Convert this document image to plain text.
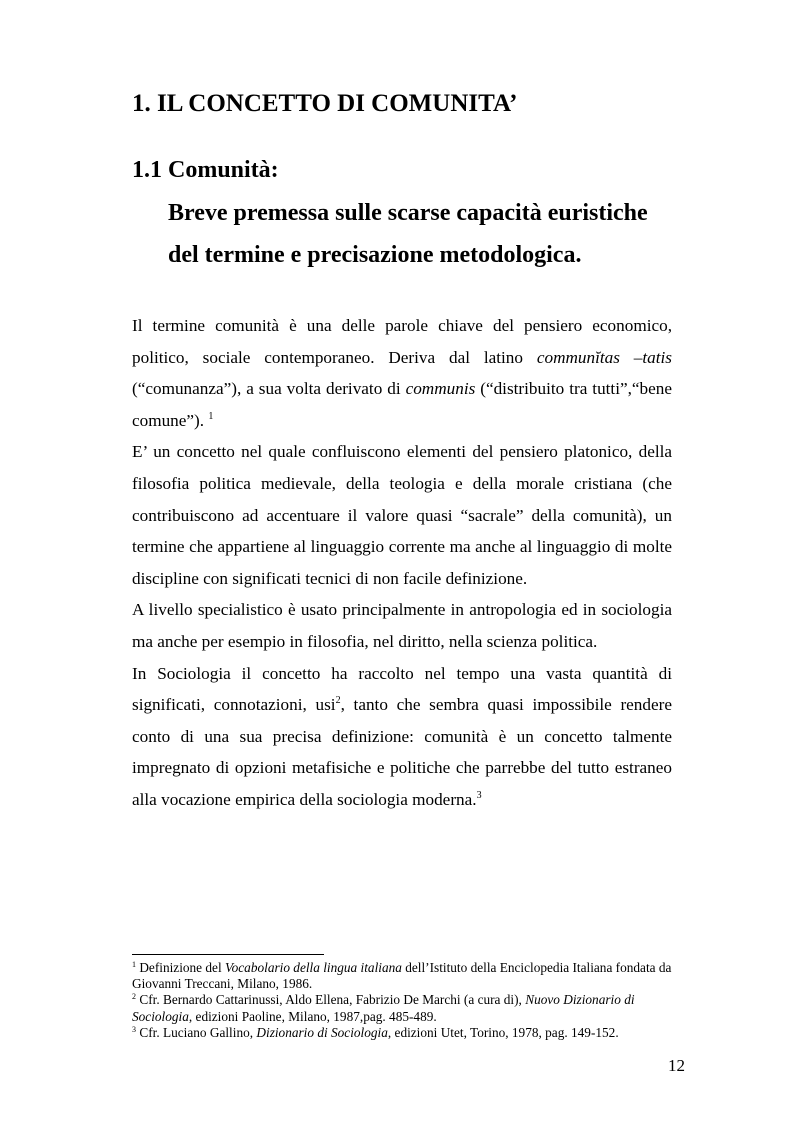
1. IL CONCETTO DI COMUNITA’
1.1 Comunità:
Breve premessa sulle scarse capacità euristiche
del termine e precisazione metodologica.

Il termine comunità è una delle parole chiave del pensiero economico, politico, sociale contemporaneo. Deriva dal latino communĭtas –tatis (“comunanza”), a sua volta derivato di communis (“distribuito tra tutti”,“bene comune”). $^1$

E’ un concetto nel quale confluiscono elementi del pensiero platonico, della filosofia politica medievale, della teologia e della morale cristiana (che contribuiscono ad accentuare il valore quasi “sacrale” della comunità), un termine che appartiene al linguaggio corrente ma anche al linguaggio di molte discipline con significati tecnici di non facile definizione.

A livello specialistico è usato principalmente in antropologia ed in sociologia ma anche per esempio in filosofia, nel diritto, nella scienza politica.

In Sociologia il concetto ha raccolto nel tempo una vasta quantità di significati, connotazioni, usi$^2$, tanto che sembra quasi impossibile rendere conto di una sua precisa definizione: comunità è un concetto talmente impregnato di opzioni metafisiche e politiche che parrebbe del tutto estraneo alla vocazione empirica della sociologia moderna.$^3$

$^1$ Definizione del Vocabolario della lingua italiana dell’Istituto della Enciclopedia Italiana fondata da Giovanni Treccani, Milano, 1986.

$^2$ Cfr. Bernardo Cattarinussi, Aldo Ellena, Fabrizio De Marchi (a cura di), Nuovo Dizionario di Sociologia, edizioni Paoline, Milano, 1987,pag. 485-489.

$^3$ Cfr. Luciano Gallino, Dizionario di Sociologia, edizioni Utet, Torino, 1978, pag. 149-152.

12
